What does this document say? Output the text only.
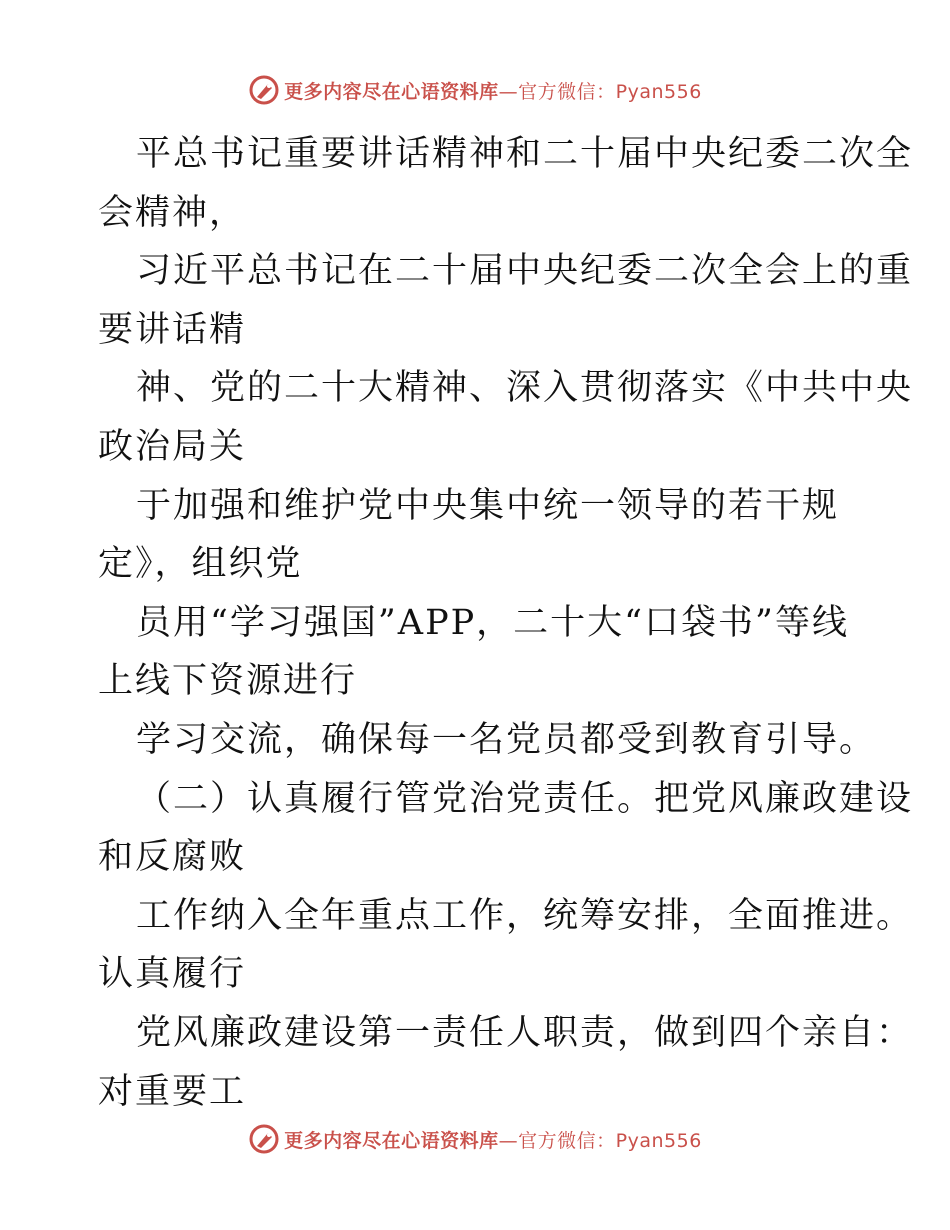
更多内容尽在心语资料库—官方微信：Pyan556
平总书记重要讲话精神和二十届中央纪委二次全
会精神，
习近平总书记在二十届中央纪委二次全会上的重
要讲话精
神、党的二十大精神、深入贯彻落实《中共中央
政治局关
于加强和维护党中央集中统一领导的若干规
定》，组织党
员用“学习强国”APP，二十大“口袋书”等线
上线下资源进行
学习交流，确保每一名党员都受到教育引导。
（二）认真履行管党治党责任。把党风廉政建设
和反腐败
工作纳入全年重点工作，统筹安排，全面推进。
认真履行
党风廉政建设第一责任人职责，做到四个亲自：
对重要工
更多内容尽在心语资料库—官方微信：Pyan556
